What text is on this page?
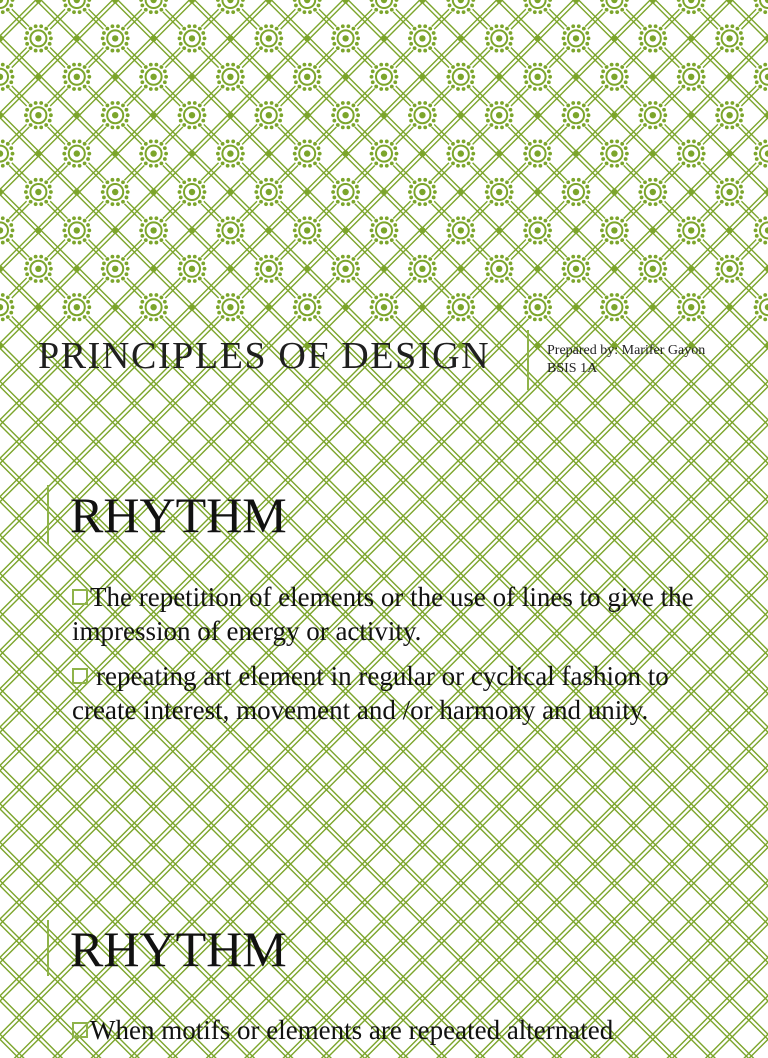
PRINCIPLES OF DESIGN	Prepared by: Marifer Gayon
BSIS 1A
RHYTHM
The repetition of elements or the use of lines to give the impression of energy or activity.
repeating art element in regular or cyclical fashion to create interest, movement and /or harmony and unity.
RHYTHM
When motifs or elements are repeated alternated
